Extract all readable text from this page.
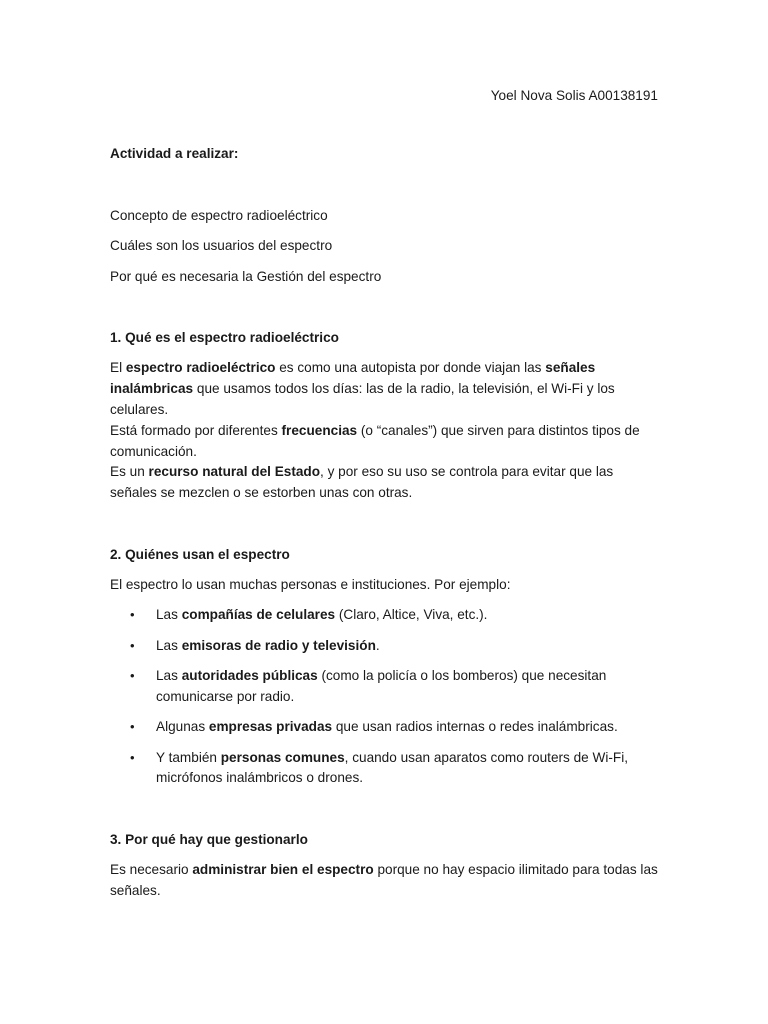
Yoel Nova Solis A00138191

Actividad a realizar:

Concepto de espectro radioeléctrico

Cuáles son los usuarios del espectro

Por qué es necesaria la Gestión del espectro

1. Qué es el espectro radioeléctrico

El espectro radioeléctrico es como una autopista por donde viajan las señales inalámbricas que usamos todos los días: las de la radio, la televisión, el Wi-Fi y los celulares.
Está formado por diferentes frecuencias (o “canales”) que sirven para distintos tipos de comunicación.
Es un recurso natural del Estado, y por eso su uso se controla para evitar que las señales se mezclen o se estorben unas con otras.

2. Quiénes usan el espectro

El espectro lo usan muchas personas e instituciones. Por ejemplo:

• Las compañías de celulares (Claro, Altice, Viva, etc.).
• Las emisoras de radio y televisión.
• Las autoridades públicas (como la policía o los bomberos) que necesitan comunicarse por radio.
• Algunas empresas privadas que usan radios internas o redes inalámbricas.
• Y también personas comunes, cuando usan aparatos como routers de Wi-Fi, micrófonos inalámbricos o drones.

3. Por qué hay que gestionarlo

Es necesario administrar bien el espectro porque no hay espacio ilimitado para todas las señales.
